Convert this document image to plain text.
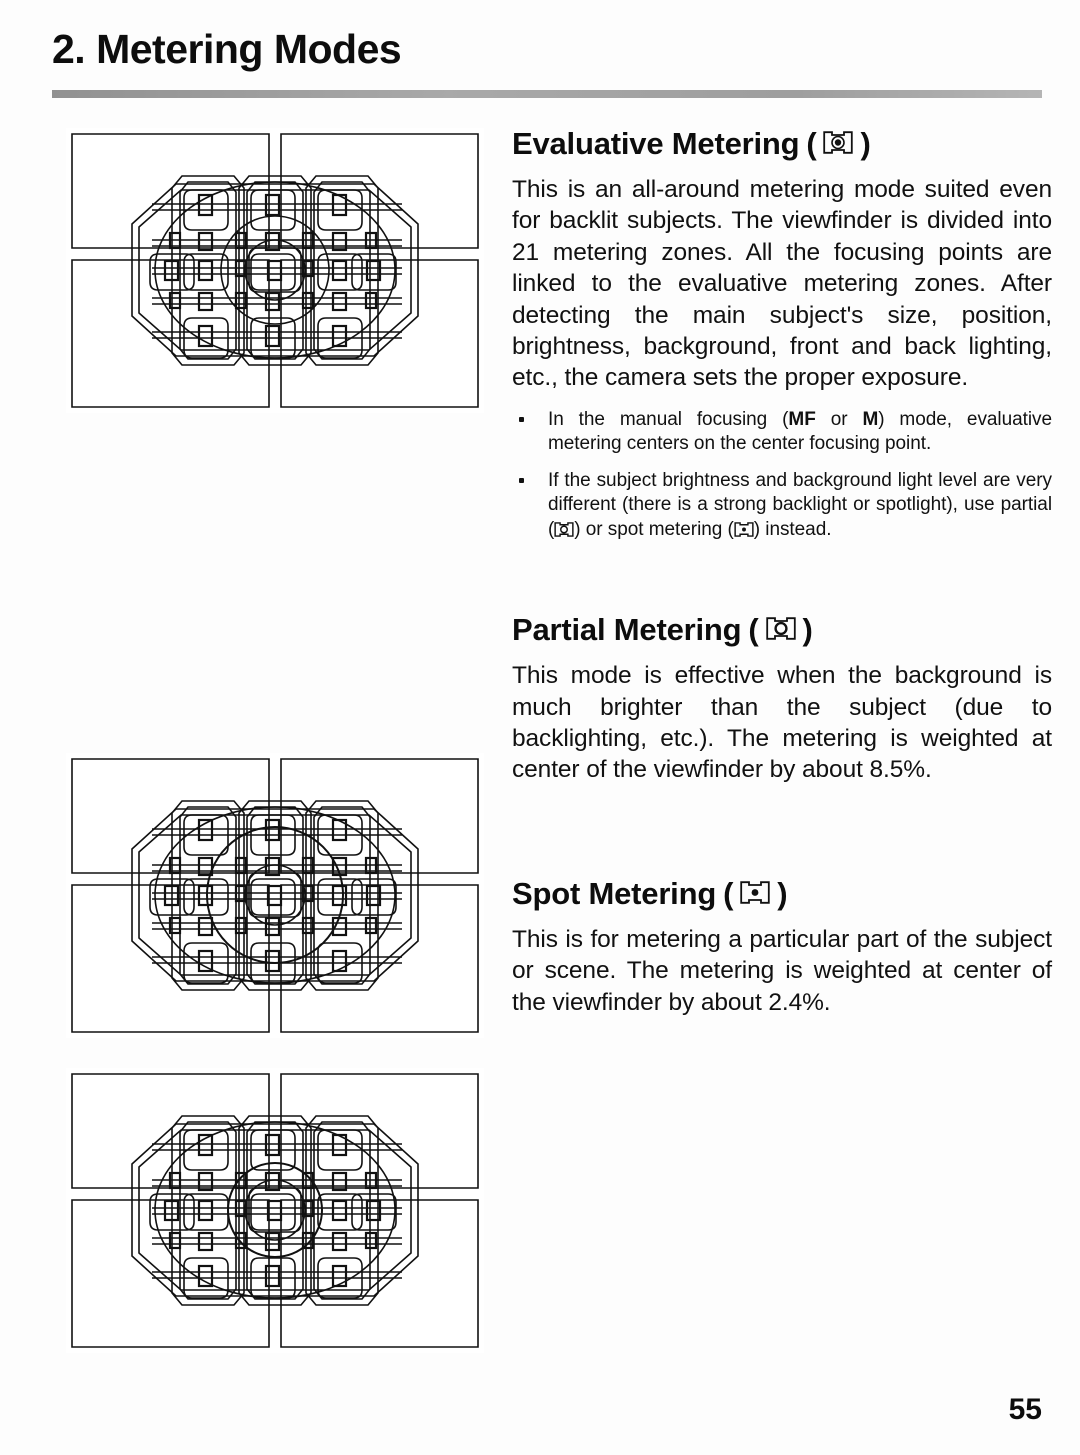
2. Metering Modes
Evaluative Metering ( )

This is an all-around metering mode suited even for backlit subjects. The viewfinder is divided into 21 metering zones. All the focusing points are linked to the evaluative metering zones. After detecting the main subject's size, position, brightness, background, front and back lighting, etc., the camera sets the proper exposure.

In the manual focusing (MF or M) mode, evaluative metering centers on the center focusing point.
If the subject brightness and background light level are very different (there is a strong backlight or spotlight), use partial ( ) or spot metering ( ) instead.
Partial Metering ( )

This mode is effective when the background is much brighter than the subject (due to backlighting, etc.). The metering is weighted at center of the viewfinder by about 8.5%.

Spot Metering ( )

This is for metering a particular part of the subject or scene. The metering is weighted at center of the viewfinder by about 2.4%.

55
